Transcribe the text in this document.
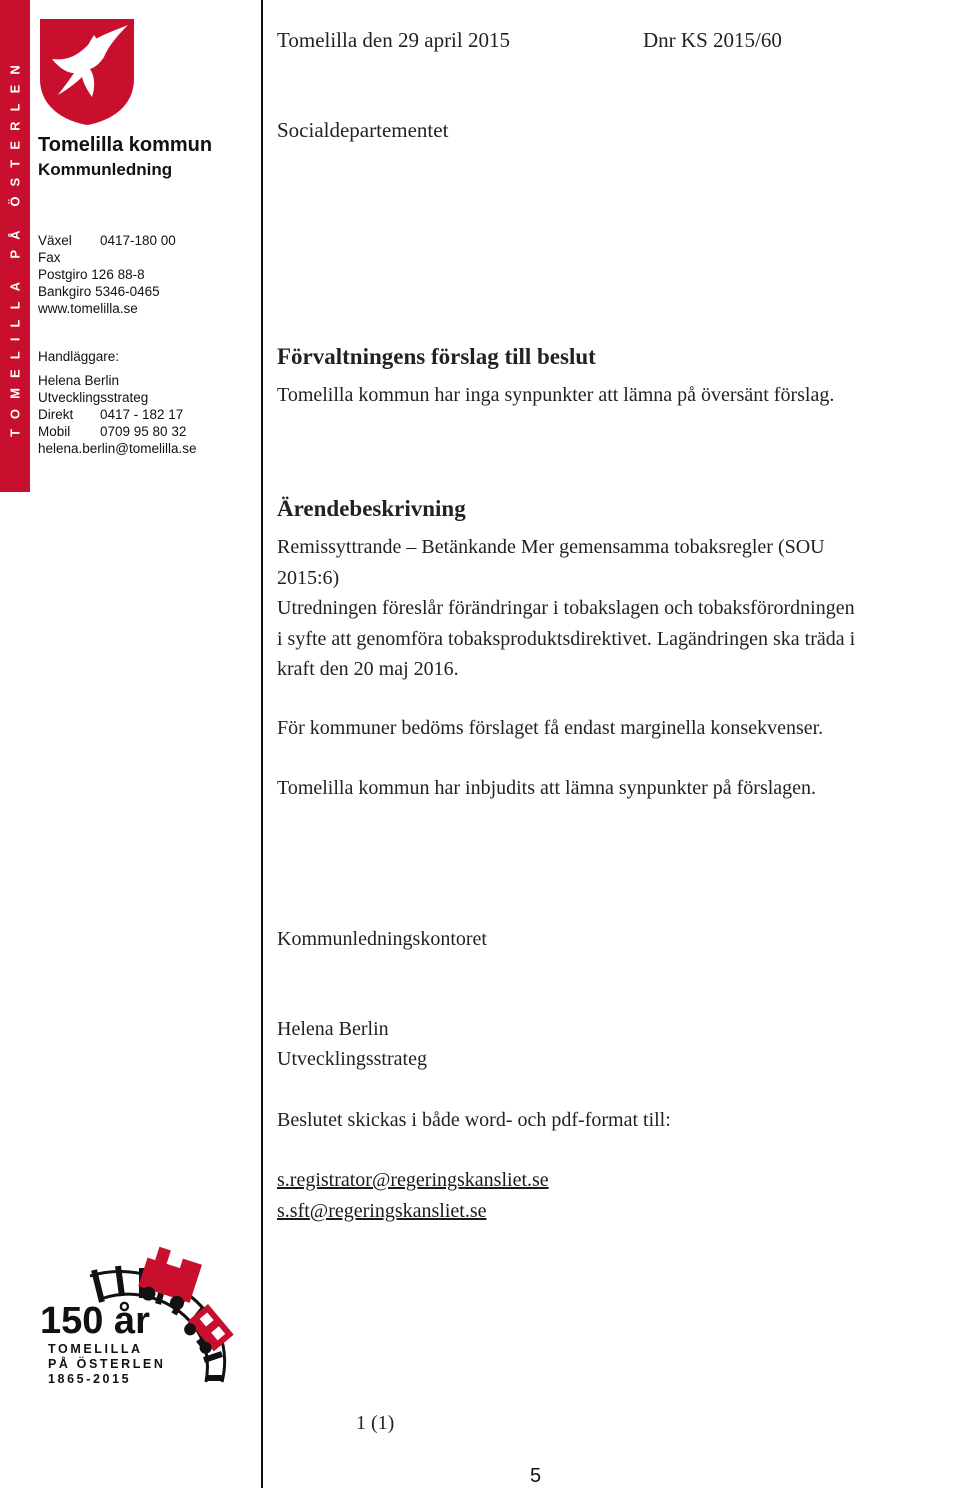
TOMELILLA PÅ ÖSTERLEN Tomelilla kommun
Kommunledning
Växel 0417-180 00
Fax
Postgiro 126 88-8
Bankgiro 5346-0465
www.tomelilla.se
Handläggare:
Helena Berlin
Utvecklingsstrateg
Direkt 0417 - 182 17
Mobil 0709 95 80 32
helena.berlin@tomelilla.se
Tomelilla den 29 april 2015	Dnr KS 2015/60
Socialdepartementet
Förvaltningens förslag till beslut
Tomelilla kommun har inga synpunkter att lämna på översänt förslag.
Ärendebeskrivning
Remissyttrande – Betänkande Mer gemensamma tobaksregler (SOU
2015:6)
Utredningen föreslår förändringar i tobakslagen och tobaksförordningen
i syfte att genomföra tobaksproduktsdirektivet. Lagändringen ska träda i
kraft den 20 maj 2016.
För kommuner bedöms förslaget få endast marginella konsekvenser.
Tomelilla kommun har inbjudits att lämna synpunkter på förslagen.
Kommunledningskontoret
Helena Berlin
Utvecklingsstrateg
Beslutet skickas i både word- och pdf-format till:
s.registrator@regeringskansliet.se
s.sft@regeringskansliet.se
150 år
TOMELILLA
PÅ ÖSTERLEN
1865-2015
1 (1)
5
